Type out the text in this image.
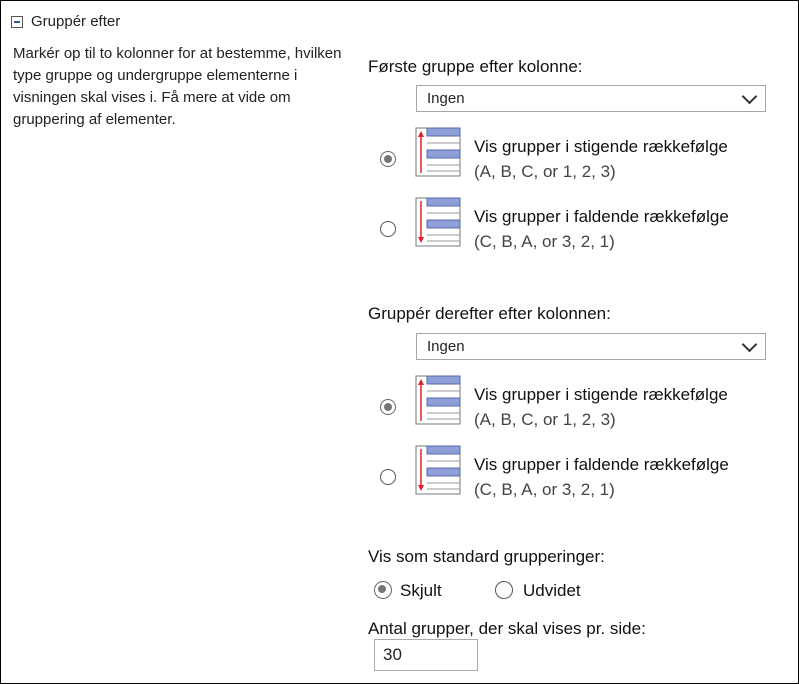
Gruppér efter
Markér op til to kolonner for at bestemme, hvilken type gruppe og undergruppe elementerne i visningen skal vises i. Få mere at vide om gruppering af elementer.
Første gruppe efter kolonne:
Ingen
Vis grupper i stigende rækkefølge
(A, B, C, or 1, 2, 3)
Vis grupper i faldende rækkefølge
(C, B, A, or 3, 2, 1)
Gruppér derefter efter kolonnen:
Ingen
Vis grupper i stigende rækkefølge
(A, B, C, or 1, 2, 3)
Vis grupper i faldende rækkefølge
(C, B, A, or 3, 2, 1)
Vis som standard grupperinger:
Skjult	Udvidet
Antal grupper, der skal vises pr. side:
30
